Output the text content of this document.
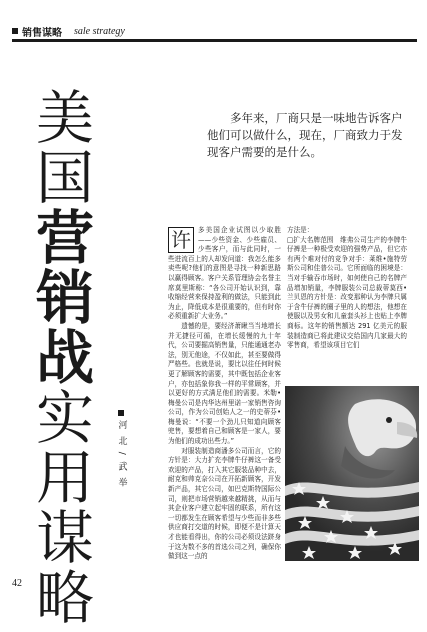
销售谋略 sale strategy
美
国
营
销
战
实
用
谋
略
河 北 / 武 举
多年来，厂商只是一味地告诉客户他们可以做什么，现在，厂商致力于发现客户需要的是什么。
许	多美国企业试图以少取胜——少些资金、少些雇员、少些客户，而与此同时，一些进流百上的人却发问道：我怎么能多卖些呢?他们的意图是寻找一种新思路以赢得顾客。客户关系管理协会名誉主席莫里斯称：“各公司开始认识到，靠收缩经营来保持盈利的做法，只能到此为止，降低成本是很重要的，但有时你必须重新扩大业务。”

遗憾的是，要经济萧瞅当当地增长并无捷径可循，在增长缓慢的九十年代，公司要掘高销售量，只能通通老办法，别无他途，不仅如此，甚至要做得严格些。也就是说，要比以往任何时候更了解顾客的需要，其中既包括企业客户，亦包括象你我一样的平常顾客，并以更好的方式满足他们的需要。米勒•梅曼公司是内华达州里诺一家销售咨询公司，作为公司创始人之一的史蒂芬•梅曼说：“不要一个劲儿只知道向顾客兜售，要想着自己和顾客是一家人，要为他们的成功出些力。”

对服装制造商潘多公司而言，它的方针是：大力扩充李牌牛仔裤这一备受欢迎的产品，打入其它服装品种中去，耐克和帅克奈公司在开拓新顾客，开发新产品，其它公司，如巴克斯特国际公司，则把市场营销越来越精挑，从而与其企业客户建立起牢固的联系，所有这一切都发生在顾客希望与少些而非多些供应商打交道的时候，即便不是计算天才也能看得出，你的公司必须设法跻身于这为数不多的首选公司之列，确保你做到这一点的

方法是：

□扩大名牌范围　维弗公司生产的李牌牛仔裤是一种极受欢迎的强势产品，但它亦有两个难对付的竞争对手：莱维•施特劳斯公司和佳普公司。它所面临的困境是：当对手输吞市场时，如何使自己的名牌产品增加销量，李牌服装公司总裁蒂莫西•兰贝恩的方针是：改变那种认为李牌只属于含牛仔裤的圈子里的人的想法，他想在使服以及男女和儿童套头衫上也贴上李牌商标。这年的销售额达 291 亿美元的服装制造商已将此建议交给国内几家最大的零售商，希望该项目它们

42
